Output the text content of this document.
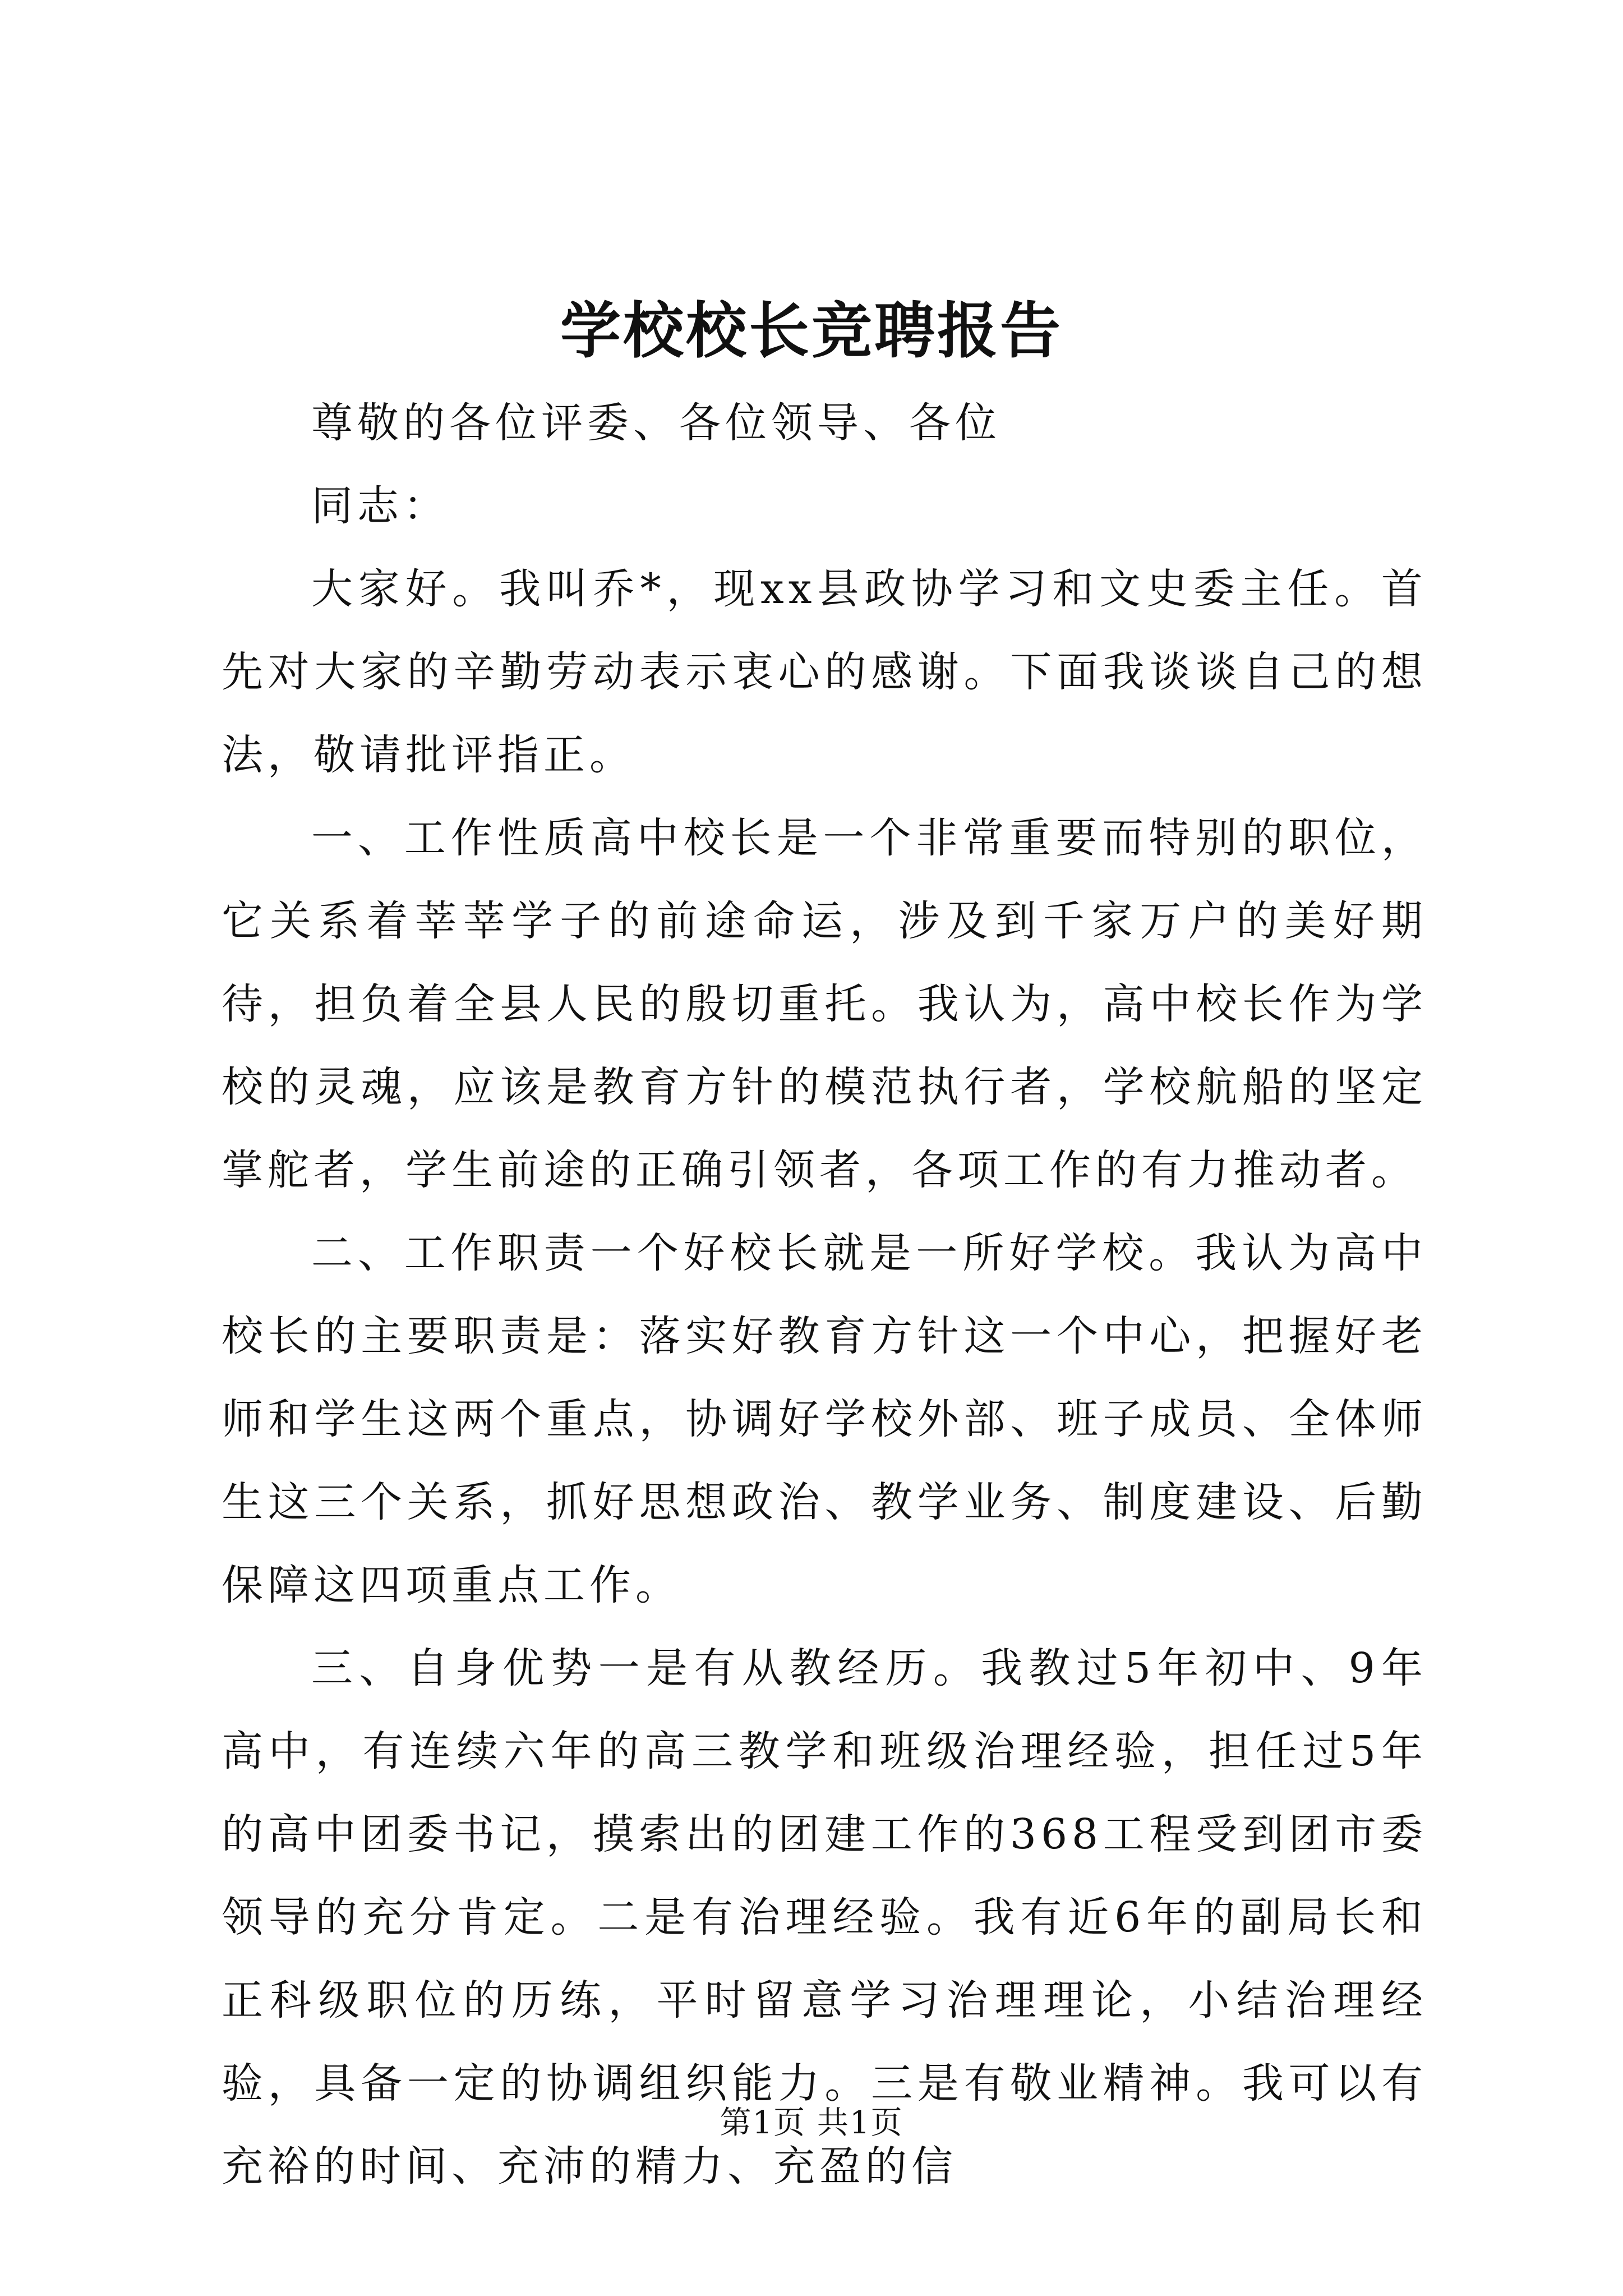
学校校长竞聘报告

尊敬的各位评委、各位领导、各位

同志：

大家好。我叫乔*，现xx县政协学习和文史委主任。首先对大家的辛勤劳动表示衷心的感谢。下面我谈谈自己的想法，敬请批评指正。

一、工作性质高中校长是一个非常重要而特别的职位，它关系着莘莘学子的前途命运，涉及到千家万户的美好期待，担负着全县人民的殷切重托。我认为，高中校长作为学校的灵魂，应该是教育方针的模范执行者，学校航船的坚定掌舵者，学生前途的正确引领者，各项工作的有力推动者。

二、工作职责一个好校长就是一所好学校。我认为高中校长的主要职责是：落实好教育方针这一个中心，把握好老师和学生这两个重点，协调好学校外部、班子成员、全体师生这三个关系，抓好思想政治、教学业务、制度建设、后勤保障这四项重点工作。

三、自身优势一是有从教经历。我教过5年初中、9年高中，有连续六年的高三教学和班级治理经验，担任过5年的高中团委书记，摸索出的团建工作的368工程受到团市委领导的充分肯定。二是有治理经验。我有近6年的副局长和正科级职位的历练，平时留意学习治理理论，小结治理经验，具备一定的协调组织能力。三是有敬业精神。我可以有充裕的时间、充沛的精力、充盈的信

第1页 共1页
